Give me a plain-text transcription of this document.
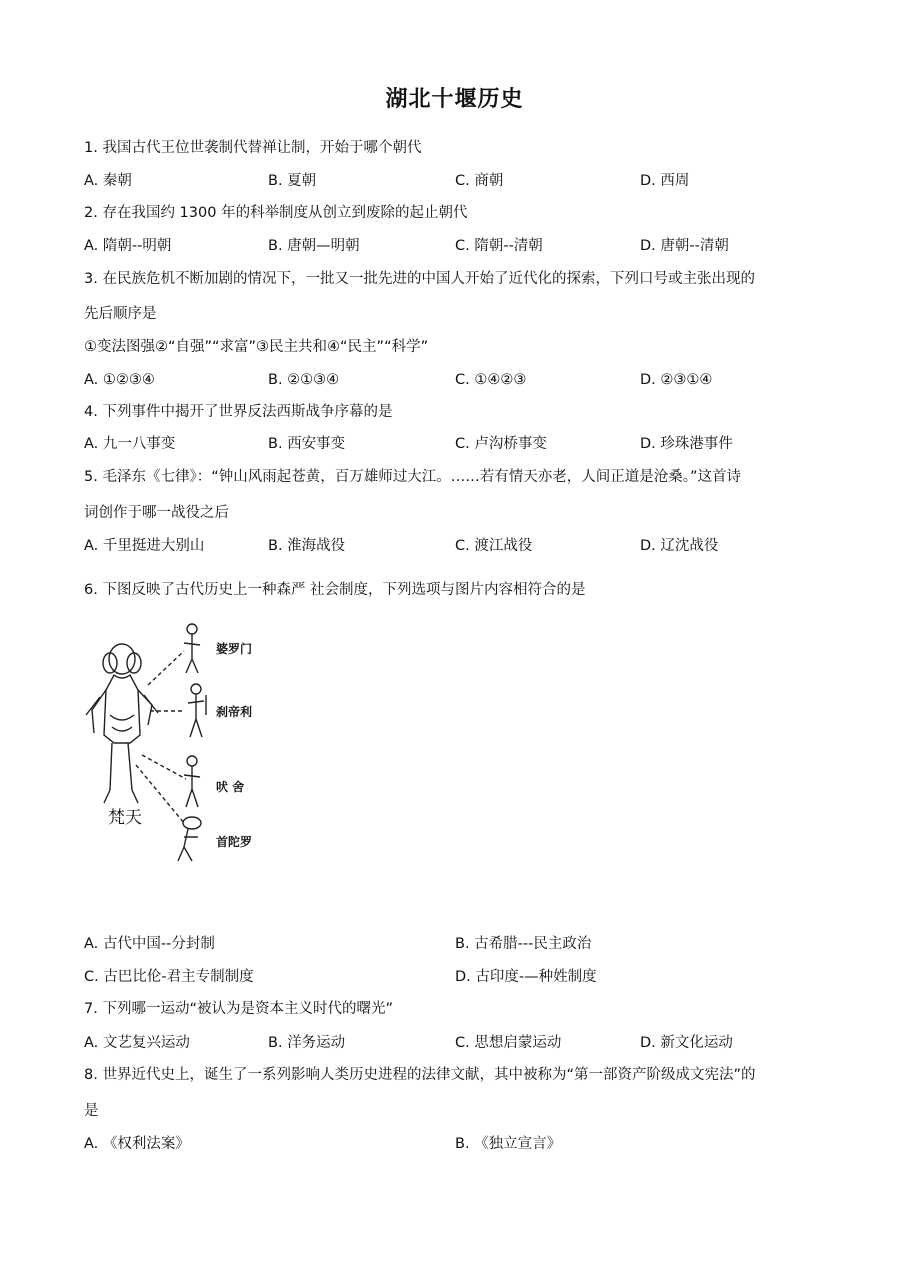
湖北十堰历史
1. 我国古代王位世袭制代替禅让制，开始于哪个朝代
A. 秦朝	B. 夏朝	C. 商朝	D. 西周
2. 存在我国约 1300 年的科举制度从创立到废除的起止朝代
A. 隋朝--明朝	B. 唐朝—明朝	C. 隋朝--清朝	D. 唐朝--清朝
3. 在民族危机不断加剧的情况下，一批又一批先进的中国人开始了近代化的探索，下列口号或主张出现的
先后顺序是
①变法图强②“自强”“求富”③民主共和④“民主”“科学”
A. ①②③④	B. ②①③④	C. ①④②③	D. ②③①④
4. 下列事件中揭开了世界反法西斯战争序幕的是
A. 九一八事变	B. 西安事变	C. 卢沟桥事变	D. 珍珠港事件
5. 毛泽东《七律》：“钟山风雨起苍黄，百万雄师过大江。……若有情天亦老，人间正道是沧桑。”这首诗
词创作于哪一战役之后
A. 千里挺进大别山	B. 淮海战役	C. 渡江战役	D. 辽沈战役
6. 下图反映了古代历史上一种森严 社会制度，下列选项与图片内容相符合的是
婆罗门
刹帝利
吠 舍
首陀罗
梵天
A. 古代中国--分封制	B. 古希腊---民主政治
C. 古巴比伦-君主专制制度	D. 古印度-—种姓制度
7. 下列哪一运动“被认为是资本主义时代的曙光”
A. 文艺复兴运动	B. 洋务运动	C. 思想启蒙运动	D. 新文化运动
8. 世界近代史上，诞生了一系列影响人类历史进程的法律文献，其中被称为“第一部资产阶级成文宪法”的
是
A. 《权利法案》	B. 《独立宣言》
